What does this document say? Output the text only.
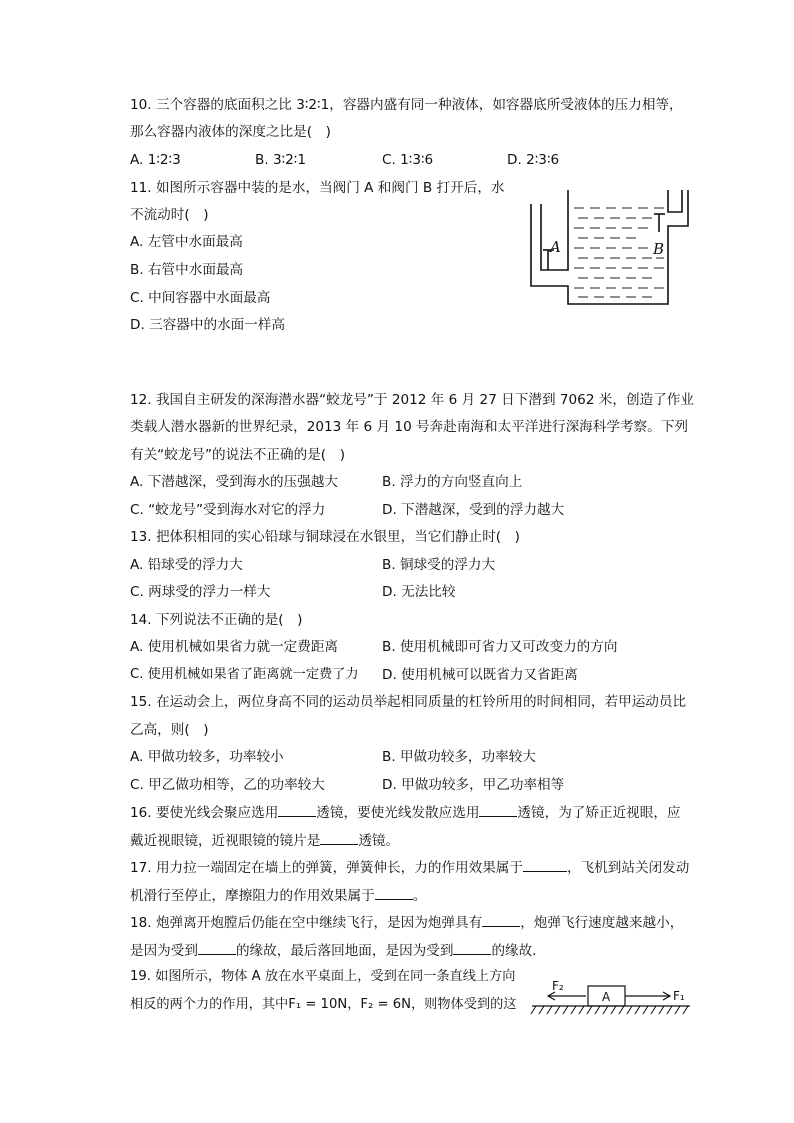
10. 三个容器的底面积之比 3∶2∶1，容器内盛有同一种液体，如容器底所受液体的压力相等，
那么容器内液体的深度之比是(　)
A. 1∶2∶3	B. 3∶2∶1	C. 1∶3∶6	D. 2∶3∶6
11. 如图所示容器中装的是水，当阀门 A 和阀门 B 打开后，水
不流动时(　)
A. 左管中水面最高
B. 右管中水面最高
C. 中间容器中水面最高
D. 三容器中的水面一样高
A	B
12. 我国自主研发的深海潜水器“蛟龙号”于 2012 年 6 月 27 日下潜到 7062 米，创造了作业
类载人潜水器新的世界纪录，2013 年 6 月 10 号奔赴南海和太平洋进行深海科学考察。下列
有关“蛟龙号”的说法不正确的是(　)
A. 下潜越深，受到海水的压强越大	B. 浮力的方向竖直向上
C. “蛟龙号”受到海水对它的浮力	D. 下潜越深，受到的浮力越大
13. 把体积相同的实心铅球与铜球浸在水银里，当它们静止时(　)
A. 铅球受的浮力大	B. 铜球受的浮力大
C. 两球受的浮力一样大	D. 无法比较
14. 下列说法不正确的是(　)
A. 使用机械如果省力就一定费距离	B. 使用机械即可省力又可改变力的方向
C. 使用机械如果省了距离就一定费了力 D. 使用机械可以既省力又省距离
15. 在运动会上，两位身高不同的运动员举起相同质量的杠铃所用的时间相同，若甲运动员比
乙高，则(　)
A. 甲做功较多，功率较小	B. 甲做功较多，功率较大
C. 甲乙做功相等，乙的功率较大	D. 甲做功较多，甲乙功率相等
16. 要使光线会聚应选用	透镜，要使光线发散应选用	透镜，为了矫正近视眼，应
戴近视眼镜，近视眼镜的镜片是	透镜。
17. 用力拉一端固定在墙上的弹簧，弹簧伸长，力的作用效果属于	，飞机到站关闭发动
机滑行至停止，摩擦阻力的作用效果属于	。
18. 炮弹离开炮膛后仍能在空中继续飞行，是因为炮弹具有	，炮弹飞行速度越来越小，
是因为受到	的缘故，最后落回地面，是因为受到	的缘故．
19. 如图所示，物体 A 放在水平桌面上，受到在同一条直线上方向
相反的两个力的作用，其中F₁ = 10N，F₂ = 6N，则物体受到的这
F₂
A	F₁
